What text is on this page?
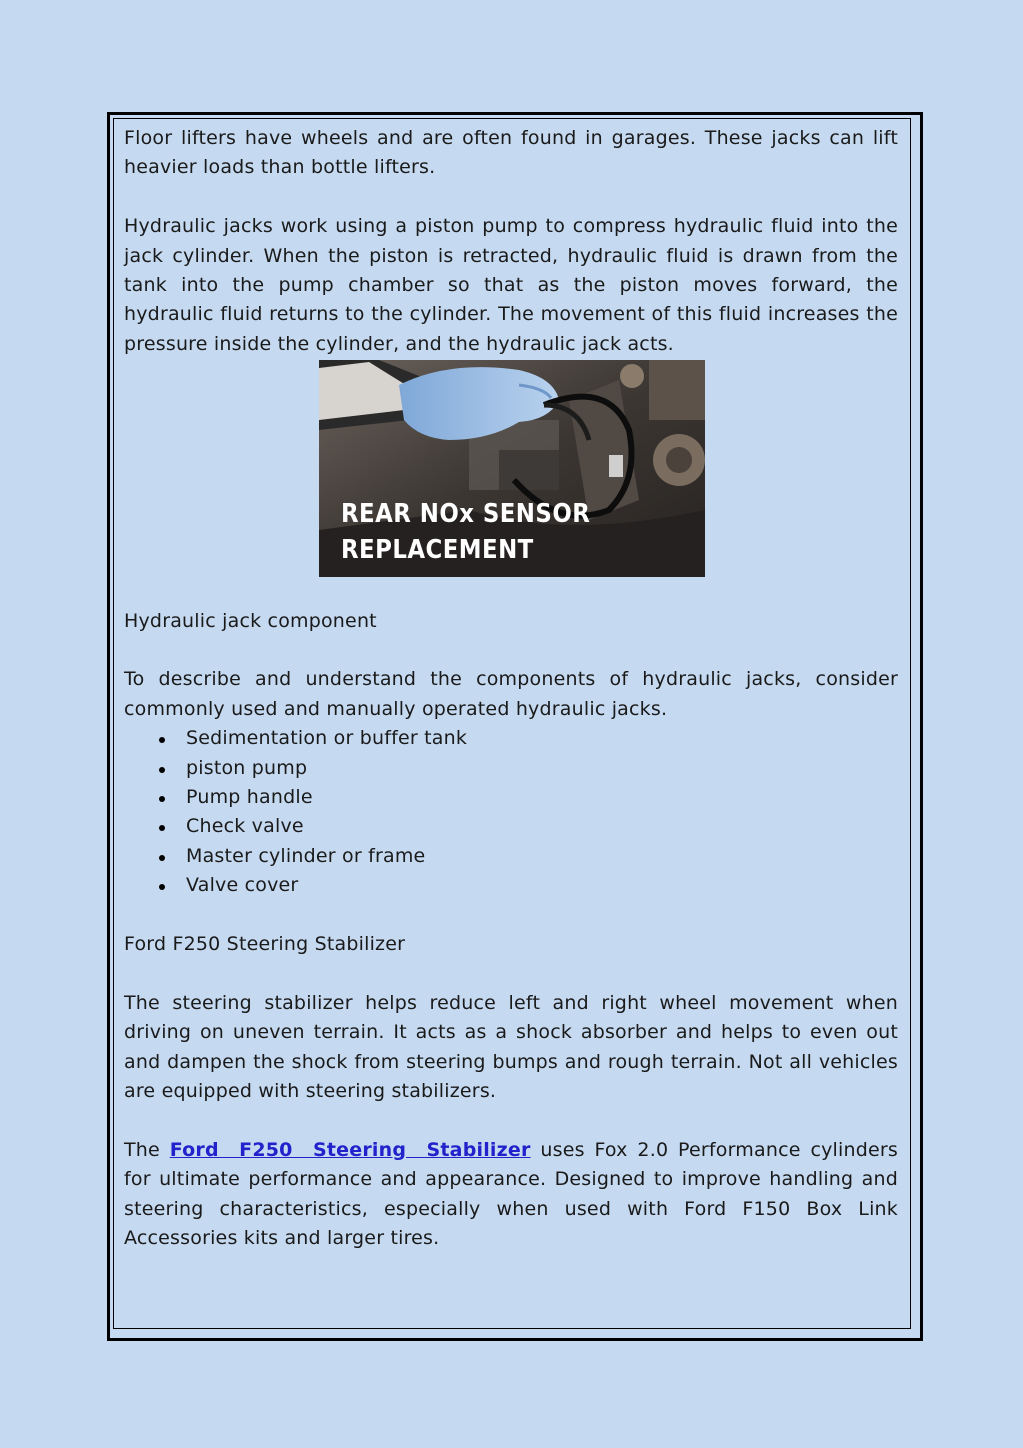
Floor lifters have wheels and are often found in garages. These jacks can lift heavier loads than bottle lifters.

Hydraulic jacks work using a piston pump to compress hydraulic fluid into the jack cylinder. When the piston is retracted, hydraulic fluid is drawn from the tank into the pump chamber so that as the piston moves forward, the hydraulic fluid returns to the cylinder. The movement of this fluid increases the pressure inside the cylinder, and the hydraulic jack acts.

REAR NOx SENSOR
REPLACEMENT

Hydraulic jack component

To describe and understand the components of hydraulic jacks, consider commonly used and manually operated hydraulic jacks.

Sedimentation or buffer tank
piston pump
Pump handle
Check valve
Master cylinder or frame
Valve cover

Ford F250 Steering Stabilizer

The steering stabilizer helps reduce left and right wheel movement when driving on uneven terrain. It acts as a shock absorber and helps to even out and dampen the shock from steering bumps and rough terrain. Not all vehicles are equipped with steering stabilizers.

The Ford F250 Steering Stabilizer uses Fox 2.0 Performance cylinders for ultimate performance and appearance. Designed to improve handling and steering characteristics, especially when used with Ford F150 Box Link Accessories kits and larger tires.
